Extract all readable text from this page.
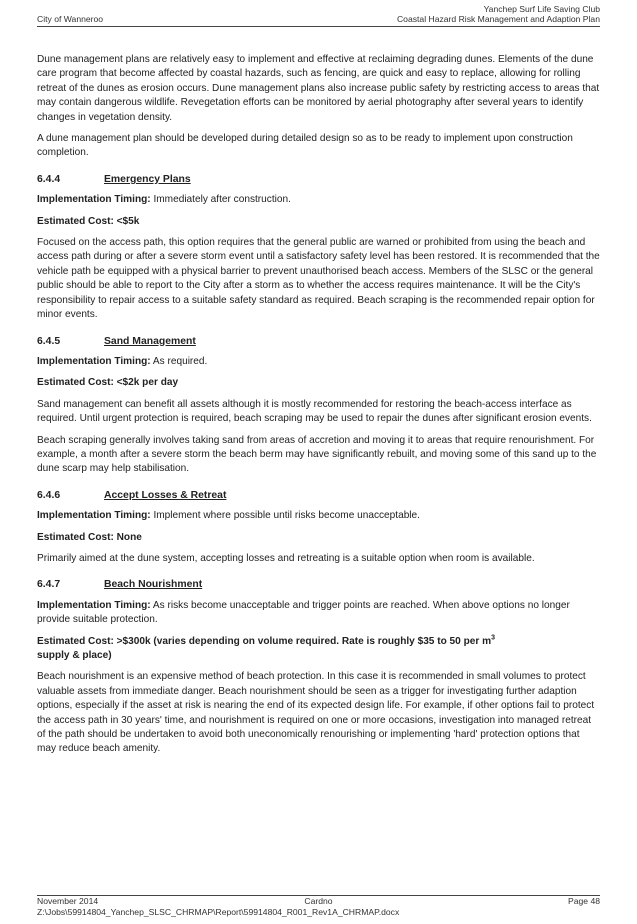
Yanchep Surf Life Saving Club
City of Wanneroo	Coastal Hazard Risk Management and Adaption Plan

Dune management plans are relatively easy to implement and effective at reclaiming degrading dunes. Elements of the dune care program that become affected by coastal hazards, such as fencing, are quick and easy to replace, allowing for rolling retreat of the dunes as erosion occurs. Dune management plans also increase public safety by restricting access to areas that may contain dangerous wildlife. Revegetation efforts can be monitored by aerial photography after several years to identify changes in vegetation density.

A dune management plan should be developed during detailed design so as to be ready to implement upon construction completion.

6.4.4	Emergency Plans

Implementation Timing: Immediately after construction.

Estimated Cost: <$5k

Focused on the access path, this option requires that the general public are warned or prohibited from using the beach and access path during or after a severe storm event until a satisfactory safety level has been restored. It is recommended that the vehicle path be equipped with a physical barrier to prevent unauthorised beach access. Members of the SLSC or the general public should be able to report to the City after a storm as to whether the access requires maintenance. It will be the City's responsibility to repair access to a suitable safety standard as required. Beach scraping is the recommended repair option for minor events.

6.4.5	Sand Management

Implementation Timing: As required.

Estimated Cost: <$2k per day

Sand management can benefit all assets although it is mostly recommended for restoring the beach-access interface as required. Until urgent protection is required, beach scraping may be used to repair the dunes after significant erosion events.

Beach scraping generally involves taking sand from areas of accretion and moving it to areas that require renourishment. For example, a month after a severe storm the beach berm may have significantly rebuilt, and moving some of this sand up to the dune scarp may help stabilisation.

6.4.6	Accept Losses & Retreat

Implementation Timing: Implement where possible until risks become unacceptable.

Estimated Cost: None

Primarily aimed at the dune system, accepting losses and retreating is a suitable option when room is available.

6.4.7	Beach Nourishment

Implementation Timing: As risks become unacceptable and trigger points are reached. When above options no longer provide suitable protection.

Estimated Cost: >$300k (varies depending on volume required. Rate is roughly $35 to 50 per $m^3$
supply & place)

Beach nourishment is an expensive method of beach protection. In this case it is recommended in small volumes to protect valuable assets from immediate danger. Beach nourishment should be seen as a trigger for investigating further adaption options, especially if the asset at risk is nearing the end of its expected design life. For example, if other options fail to protect the access path in 30 years' time, and nourishment is required on one or more occasions, investigation into managed retreat of the path should be undertaken to avoid both uneconomically renourishing or implementing 'hard' protection options that may reduce beach amenity.

November 2014	Cardno	Page 48
Z:\Jobs\59914804_Yanchep_SLSC_CHRMAP\Report\59914804_R001_Rev1A_CHRMAP.docx
